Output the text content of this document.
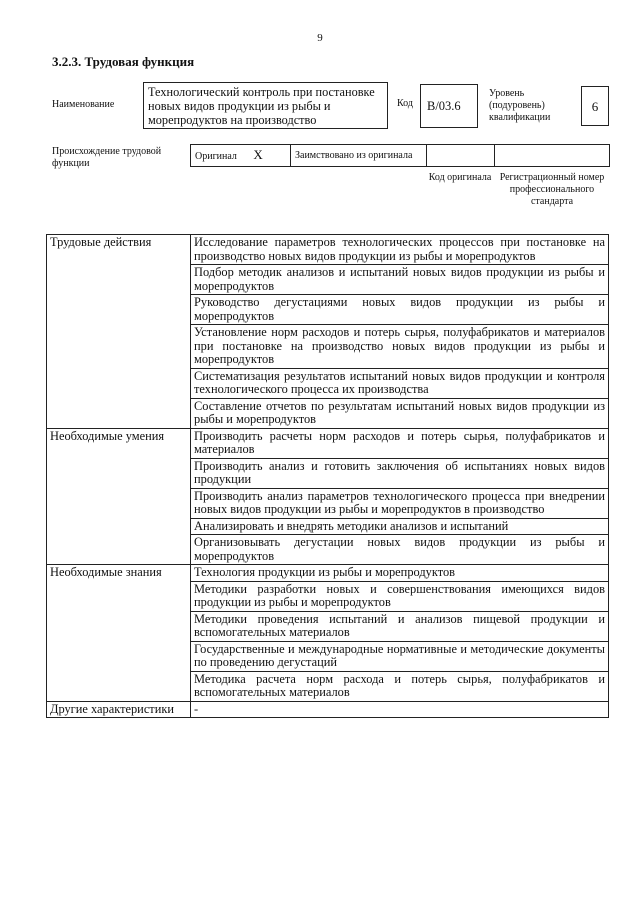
9
3.2.3. Трудовая функция
Наименование
Технологический контроль при постановке новых видов продукции из рыбы и морепродуктов на производство
Код	B/03.6
Уровень (подуровень) квалификации
6
Происхождение трудовой функции
Оригинал X	Заимствовано из оригинала		
Код оригинала Регистрационный номер профессионального стандарта
Трудовые действия	Исследование параметров технологических процессов при постановке на производство новых видов продукции из рыбы и морепродуктов
	Подбор методик анализов и испытаний новых видов продукции из рыбы и морепродуктов
	Руководство дегустациями новых видов продукции из рыбы и морепродуктов
	Установление норм расходов и потерь сырья, полуфабрикатов и материалов при постановке на производство новых видов продукции из рыбы и морепродуктов
	Систематизация результатов испытаний новых видов продукции и контроля технологического процесса их производства
	Составление отчетов по результатам испытаний новых видов продукции из рыбы и морепродуктов
Необходимые умения	Производить расчеты норм расходов и потерь сырья, полуфабрикатов и материалов
	Производить анализ и готовить заключения об испытаниях новых видов продукции
	Производить анализ параметров технологического процесса при внедрении новых видов продукции из рыбы и морепродуктов в производство
	Анализировать и внедрять методики анализов и испытаний
	Организовывать дегустации новых видов продукции из рыбы и морепродуктов
Необходимые знания	Технология продукции из рыбы и морепродуктов
	Методики разработки новых и совершенствования имеющихся видов продукции из рыбы и морепродуктов
	Методики проведения испытаний и анализов пищевой продукции и вспомогательных материалов
	Государственные и международные нормативные и методические документы по проведению дегустаций
	Методика расчета норм расхода и потерь сырья, полуфабрикатов и вспомогательных материалов
Другие характеристики	-
